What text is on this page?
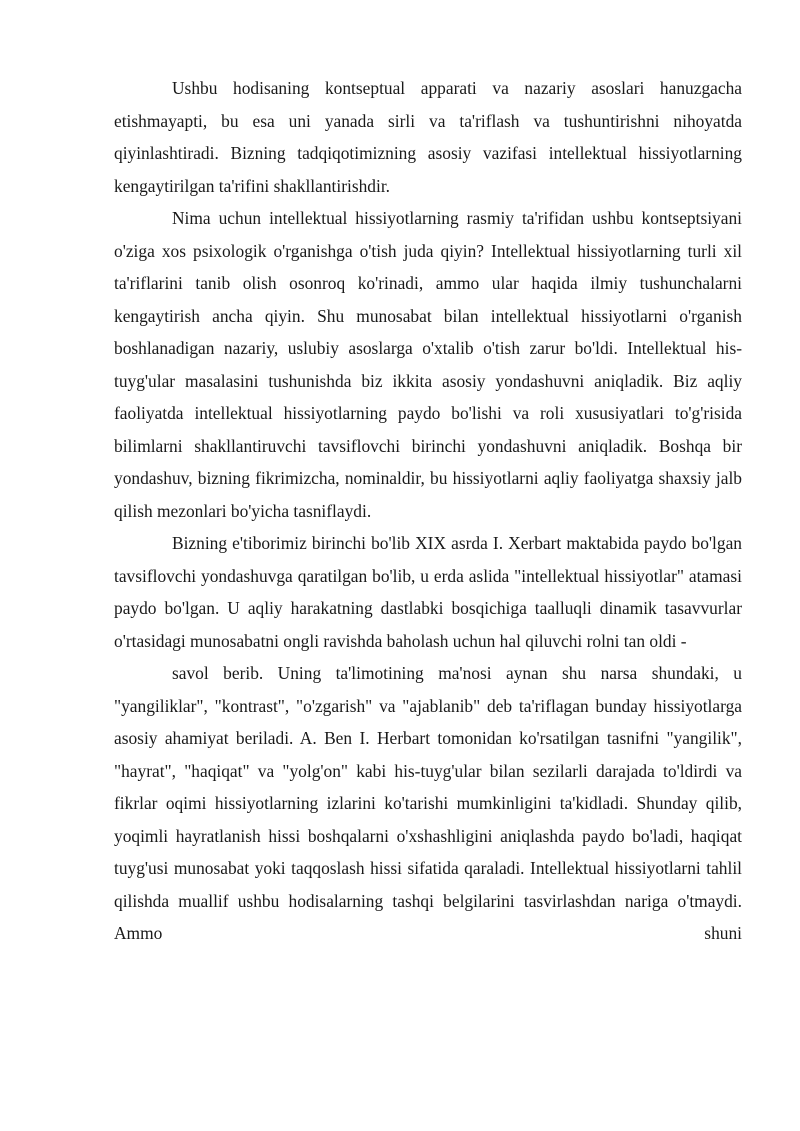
Ushbu hodisaning kontseptual apparati va nazariy asoslari hanuzgacha etishmayapti, bu esa uni yanada sirli va ta'riflash va tushuntirishni nihoyatda qiyinlashtiradi. Bizning tadqiqotimizning asosiy vazifasi intellektual hissiyotlarning kengaytirilgan ta'rifini shakllantirishdir.

Nima uchun intellektual hissiyotlarning rasmiy ta'rifidan ushbu kontseptsiyani o'ziga xos psixologik o'rganishga o'tish juda qiyin? Intellektual hissiyotlarning turli xil ta'riflarini tanib olish osonroq ko'rinadi, ammo ular haqida ilmiy tushunchalarni kengaytirish ancha qiyin. Shu munosabat bilan intellektual hissiyotlarni o'rganish boshlanadigan nazariy, uslubiy asoslarga o'xtalib o'tish zarur bo'ldi. Intellektual his-tuyg'ular masalasini tushunishda biz ikkita asosiy yondashuvni aniqladik. Biz aqliy faoliyatda intellektual hissiyotlarning paydo bo'lishi va roli xususiyatlari to'g'risida bilimlarni shakllantiruvchi tavsiflovchi birinchi yondashuvni aniqladik. Boshqa bir yondashuv, bizning fikrimizcha, nominaldir, bu hissiyotlarni aqliy faoliyatga shaxsiy jalb qilish mezonlari bo'yicha tasniflaydi.

Bizning e'tiborimiz birinchi bo'lib XIX asrda I. Xerbart maktabida paydo bo'lgan tavsiflovchi yondashuvga qaratilgan bo'lib, u erda aslida "intellektual hissiyotlar" atamasi paydo bo'lgan. U aqliy harakatning dastlabki bosqichiga taalluqli dinamik tasavvurlar o'rtasidagi munosabatni ongli ravishda baholash uchun hal qiluvchi rolni tan oldi -

savol berib. Uning ta'limotining ma'nosi aynan shu narsa shundaki, u "yangiliklar", "kontrast", "o'zgarish" va "ajablanib" deb ta'riflagan bunday hissiyotlarga asosiy ahamiyat beriladi. A. Ben I. Herbart tomonidan ko'rsatilgan tasnifni "yangilik", "hayrat", "haqiqat" va "yolg'on" kabi his-tuyg'ular bilan sezilarli darajada to'ldirdi va fikrlar oqimi hissiyotlarning izlarini ko'tarishi mumkinligini ta'kidladi. Shunday qilib, yoqimli hayratlanish hissi boshqalarni o'xshashligini aniqlashda paydo bo'ladi, haqiqat tuyg'usi munosabat yoki taqqoslash hissi sifatida qaraladi. Intellektual hissiyotlarni tahlil qilishda muallif ushbu hodisalarning tashqi belgilarini tasvirlashdan nariga o'tmaydi. Ammo shuni
